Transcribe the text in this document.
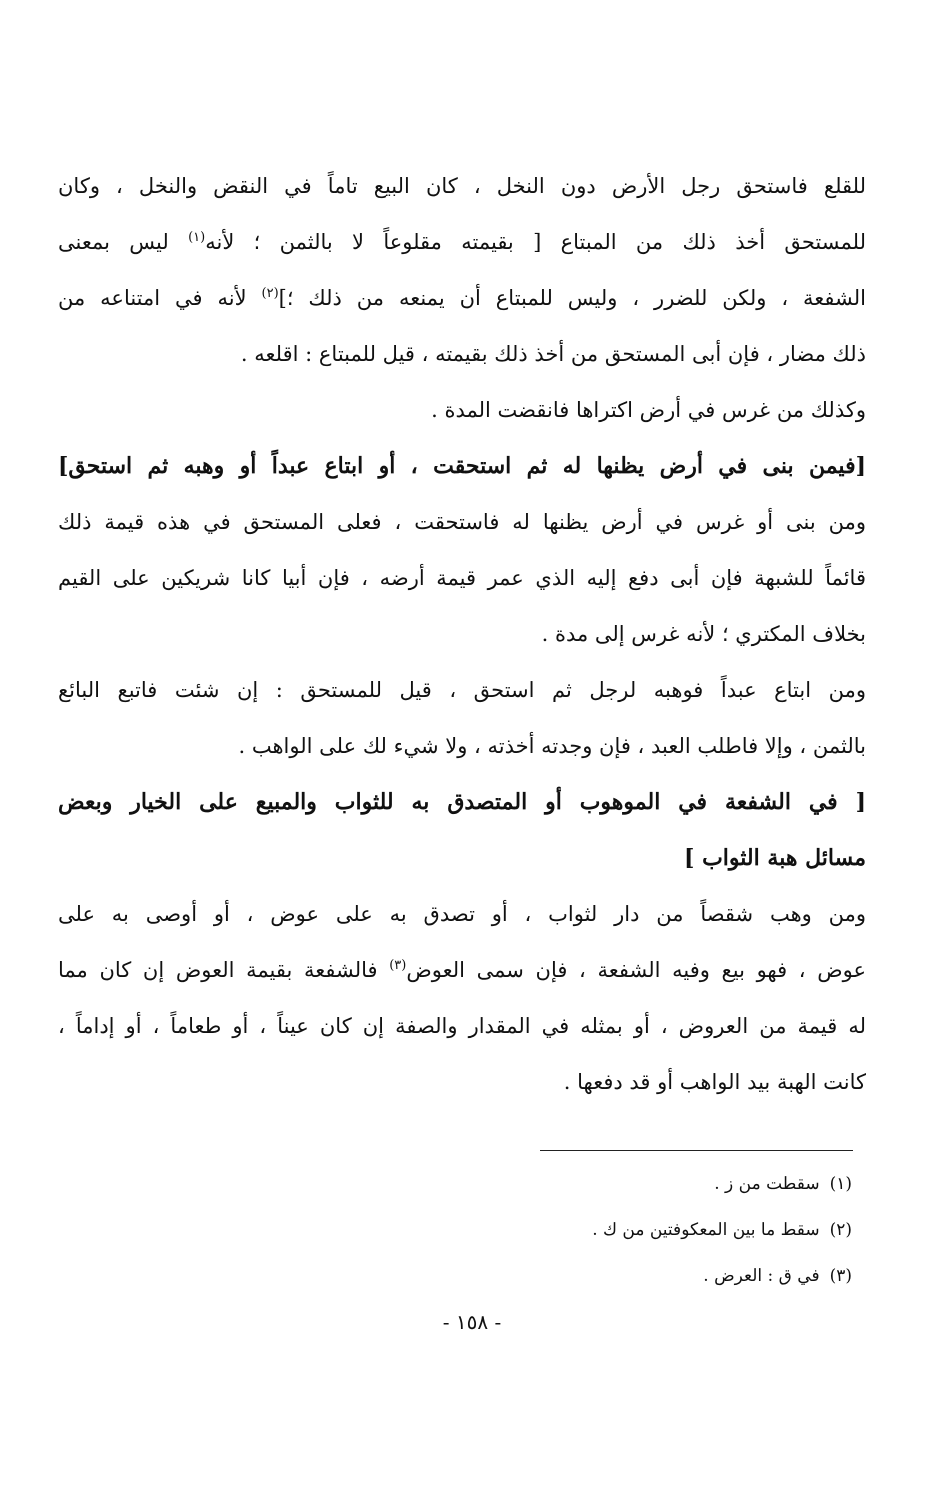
للقلع فاستحق رجل الأرض دون النخل ، كان البيع تاماً في النقض والنخل ، وكان
للمستحق أخذ ذلك من المبتاع [ بقيمته مقلوعاً لا بالثمن ؛ لأنه$^{(١)}$ ليس بمعنى
الشفعة ، ولكن للضرر ، وليس للمبتاع أن يمنعه من ذلك ؛]$^{(٢)}$ لأنه في امتناعه من
ذلك مضار ، فإن أبى المستحق من أخذ ذلك بقيمته ، قيل للمبتاع : اقلعه .
وكذلك من غرس في أرض اكتراها فانقضت المدة .
[فيمن بنى في أرض يظنها له ثم استحقت ، أو ابتاع عبداً أو وهبه ثم استحق]
ومن بنى أو غرس في أرض يظنها له فاستحقت ، فعلى المستحق في هذه قيمة ذلك
قائماً للشبهة فإن أبى دفع إليه الذي عمر قيمة أرضه ، فإن أبيا كانا شريكين على القيم
بخلاف المكتري ؛ لأنه غرس إلى مدة .
ومن ابتاع عبداً فوهبه لرجل ثم استحق ، قيل للمستحق : إن شئت فاتبع البائع
بالثمن ، وإلا فاطلب العبد ، فإن وجدته أخذته ، ولا شيء لك على الواهب .
[ في الشفعة في الموهوب أو المتصدق به للثواب والمبيع على الخيار وبعض
مسائل هبة الثواب ]
ومن وهب شقصاً من دار لثواب ، أو تصدق به على عوض ، أو أوصى به على
عوض ، فهو بيع وفيه الشفعة ، فإن سمى العوض$^{(٣)}$ فالشفعة بقيمة العوض إن كان مما
له قيمة من العروض ، أو بمثله في المقدار والصفة إن كان عيناً ، أو طعاماً ، أو إداماً ،
كانت الهبة بيد الواهب أو قد دفعها .
(١)سقطت من ز .
(٢)سقط ما بين المعكوفتين من ك .
(٣)في ق : العرض .
- ١٥٨ -
